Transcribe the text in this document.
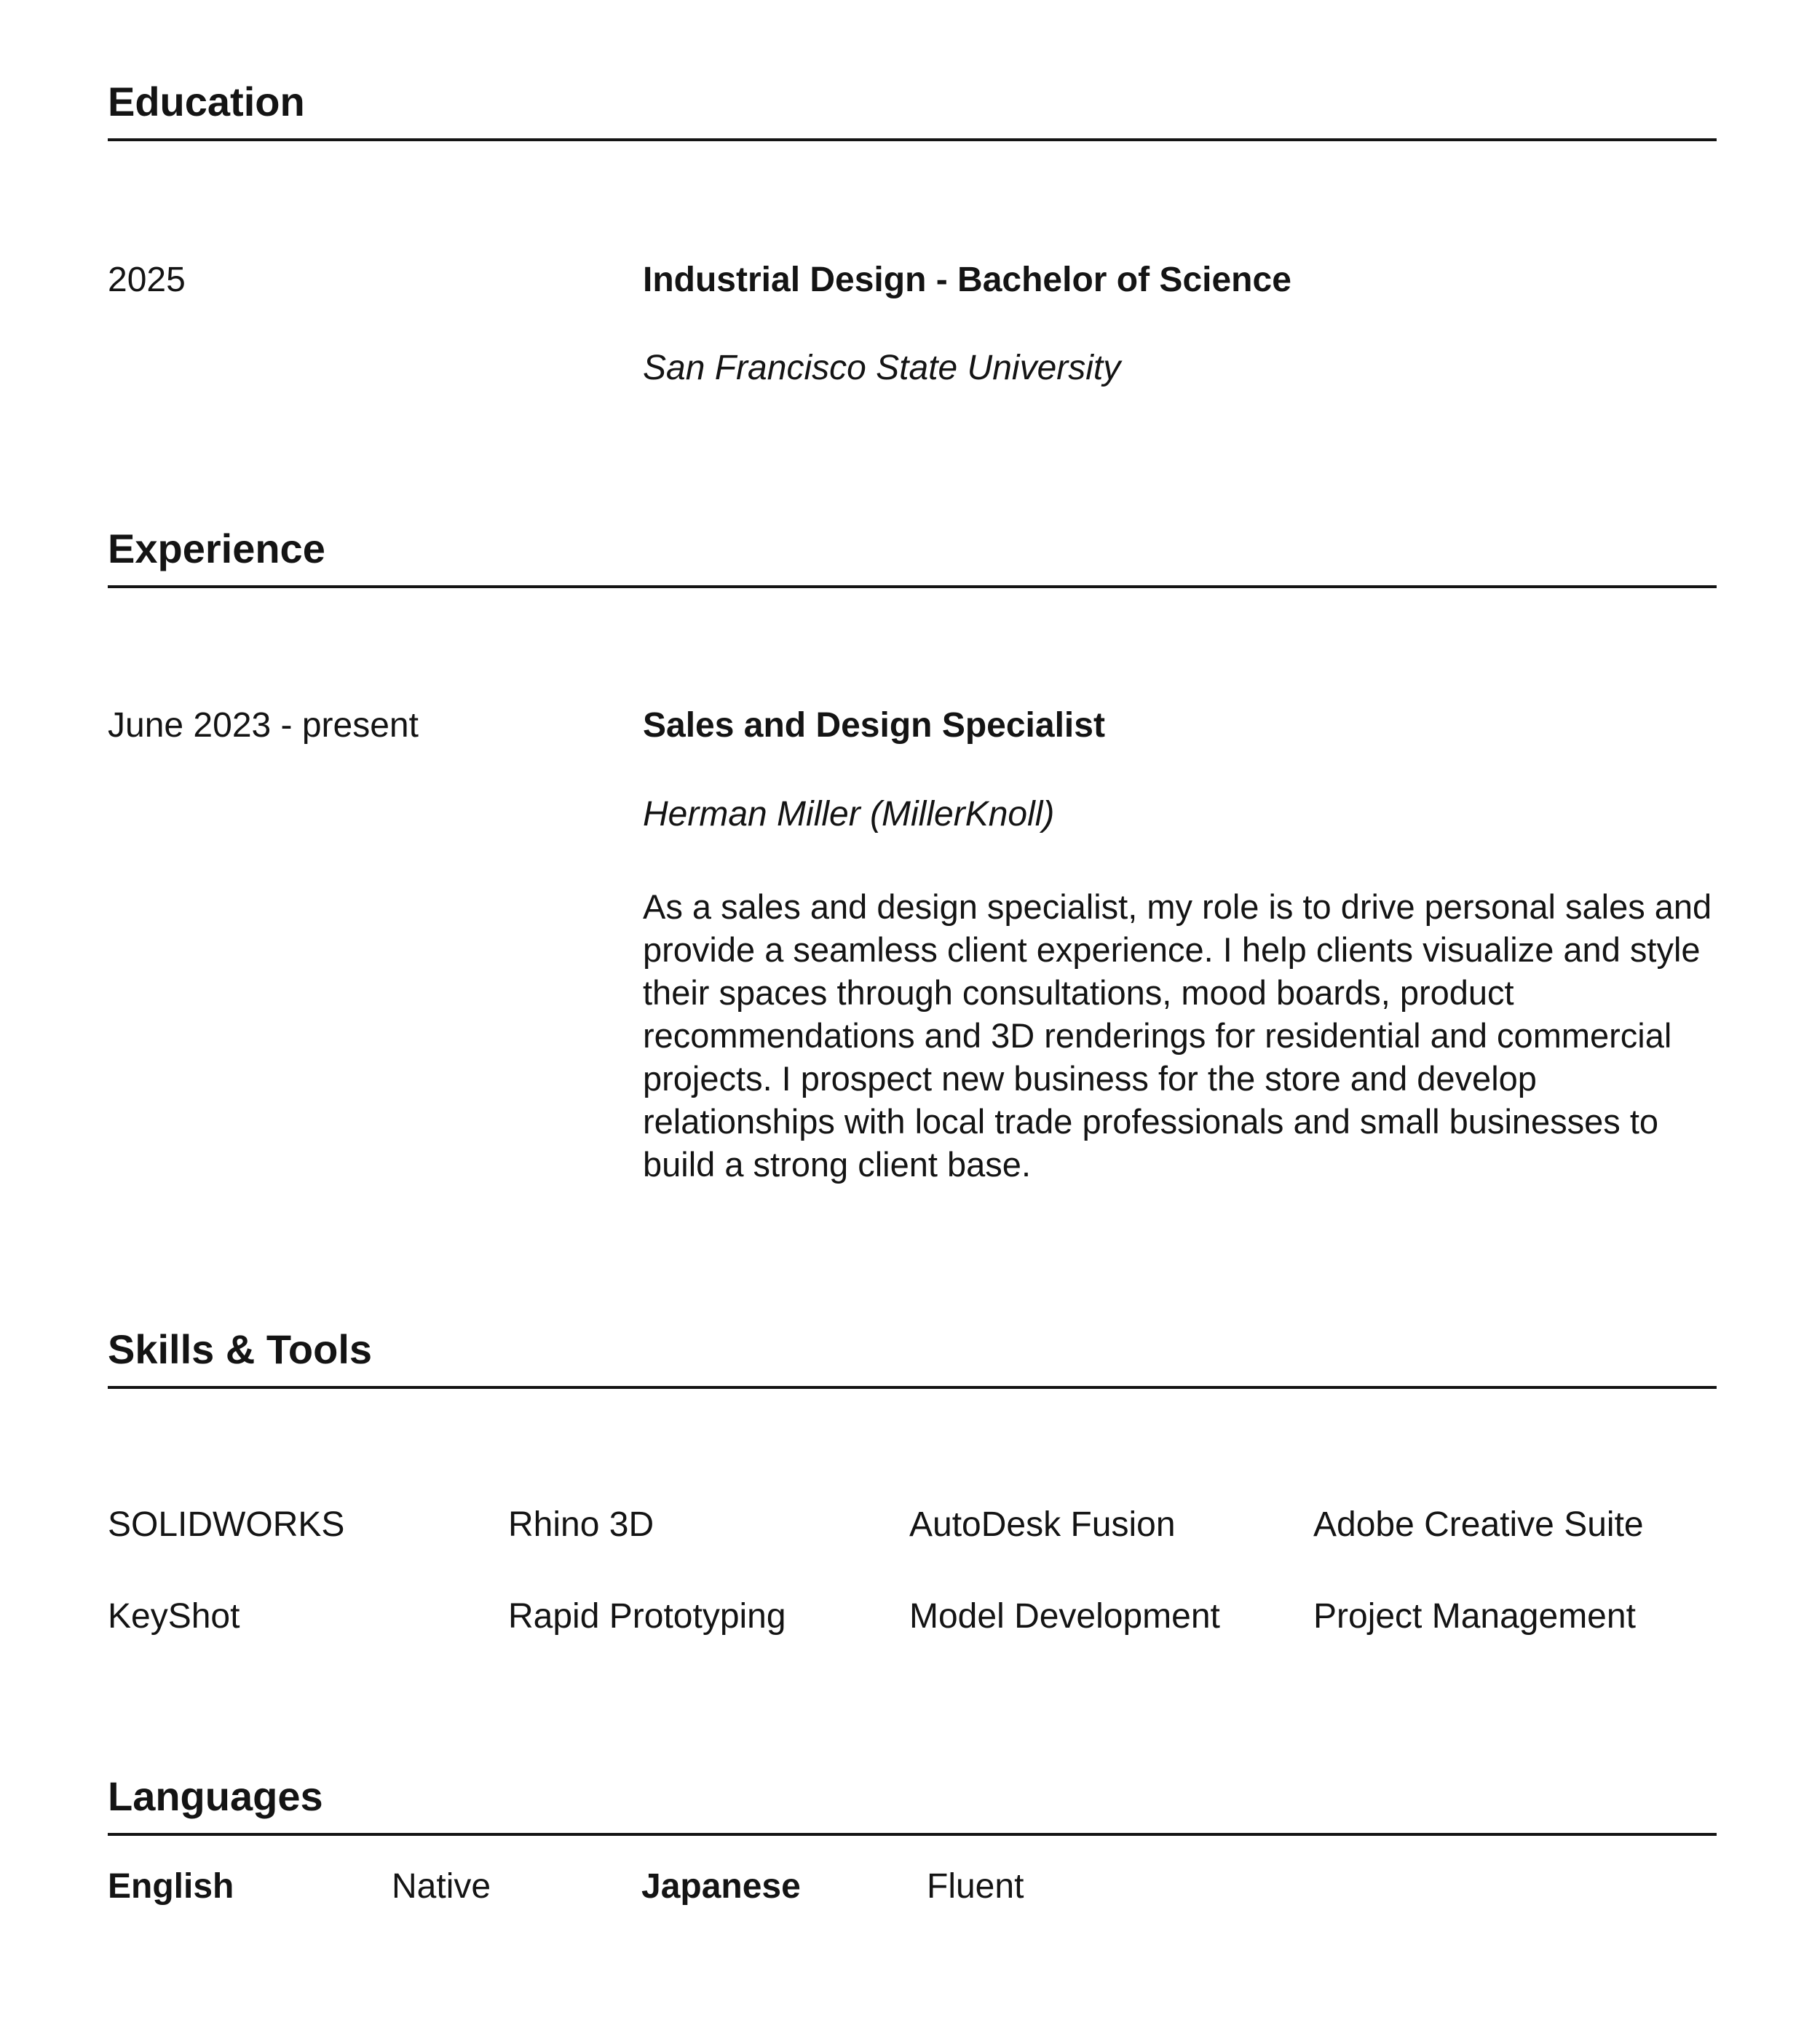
Education
2025	Industrial Design - Bachelor of Science
San Francisco State University
Experience
June 2023 - present	Sales and Design Specialist
Herman Miller (MillerKnoll)
As a sales and design specialist, my role is to drive personal sales and provide a seamless client experience. I help clients visualize and style their spaces through consultations, mood boards, product recommendations and 3D renderings for residential and commercial projects. I prospect new business for the store and develop relationships with local trade professionals and small businesses to build a strong client base.
Skills & Tools
SOLIDWORKS	Rhino 3D	AutoDesk Fusion	Adobe Creative Suite
KeyShot	Rapid Prototyping	Model Development	Project Management
Languages
English	Native	Japanese	Fluent
